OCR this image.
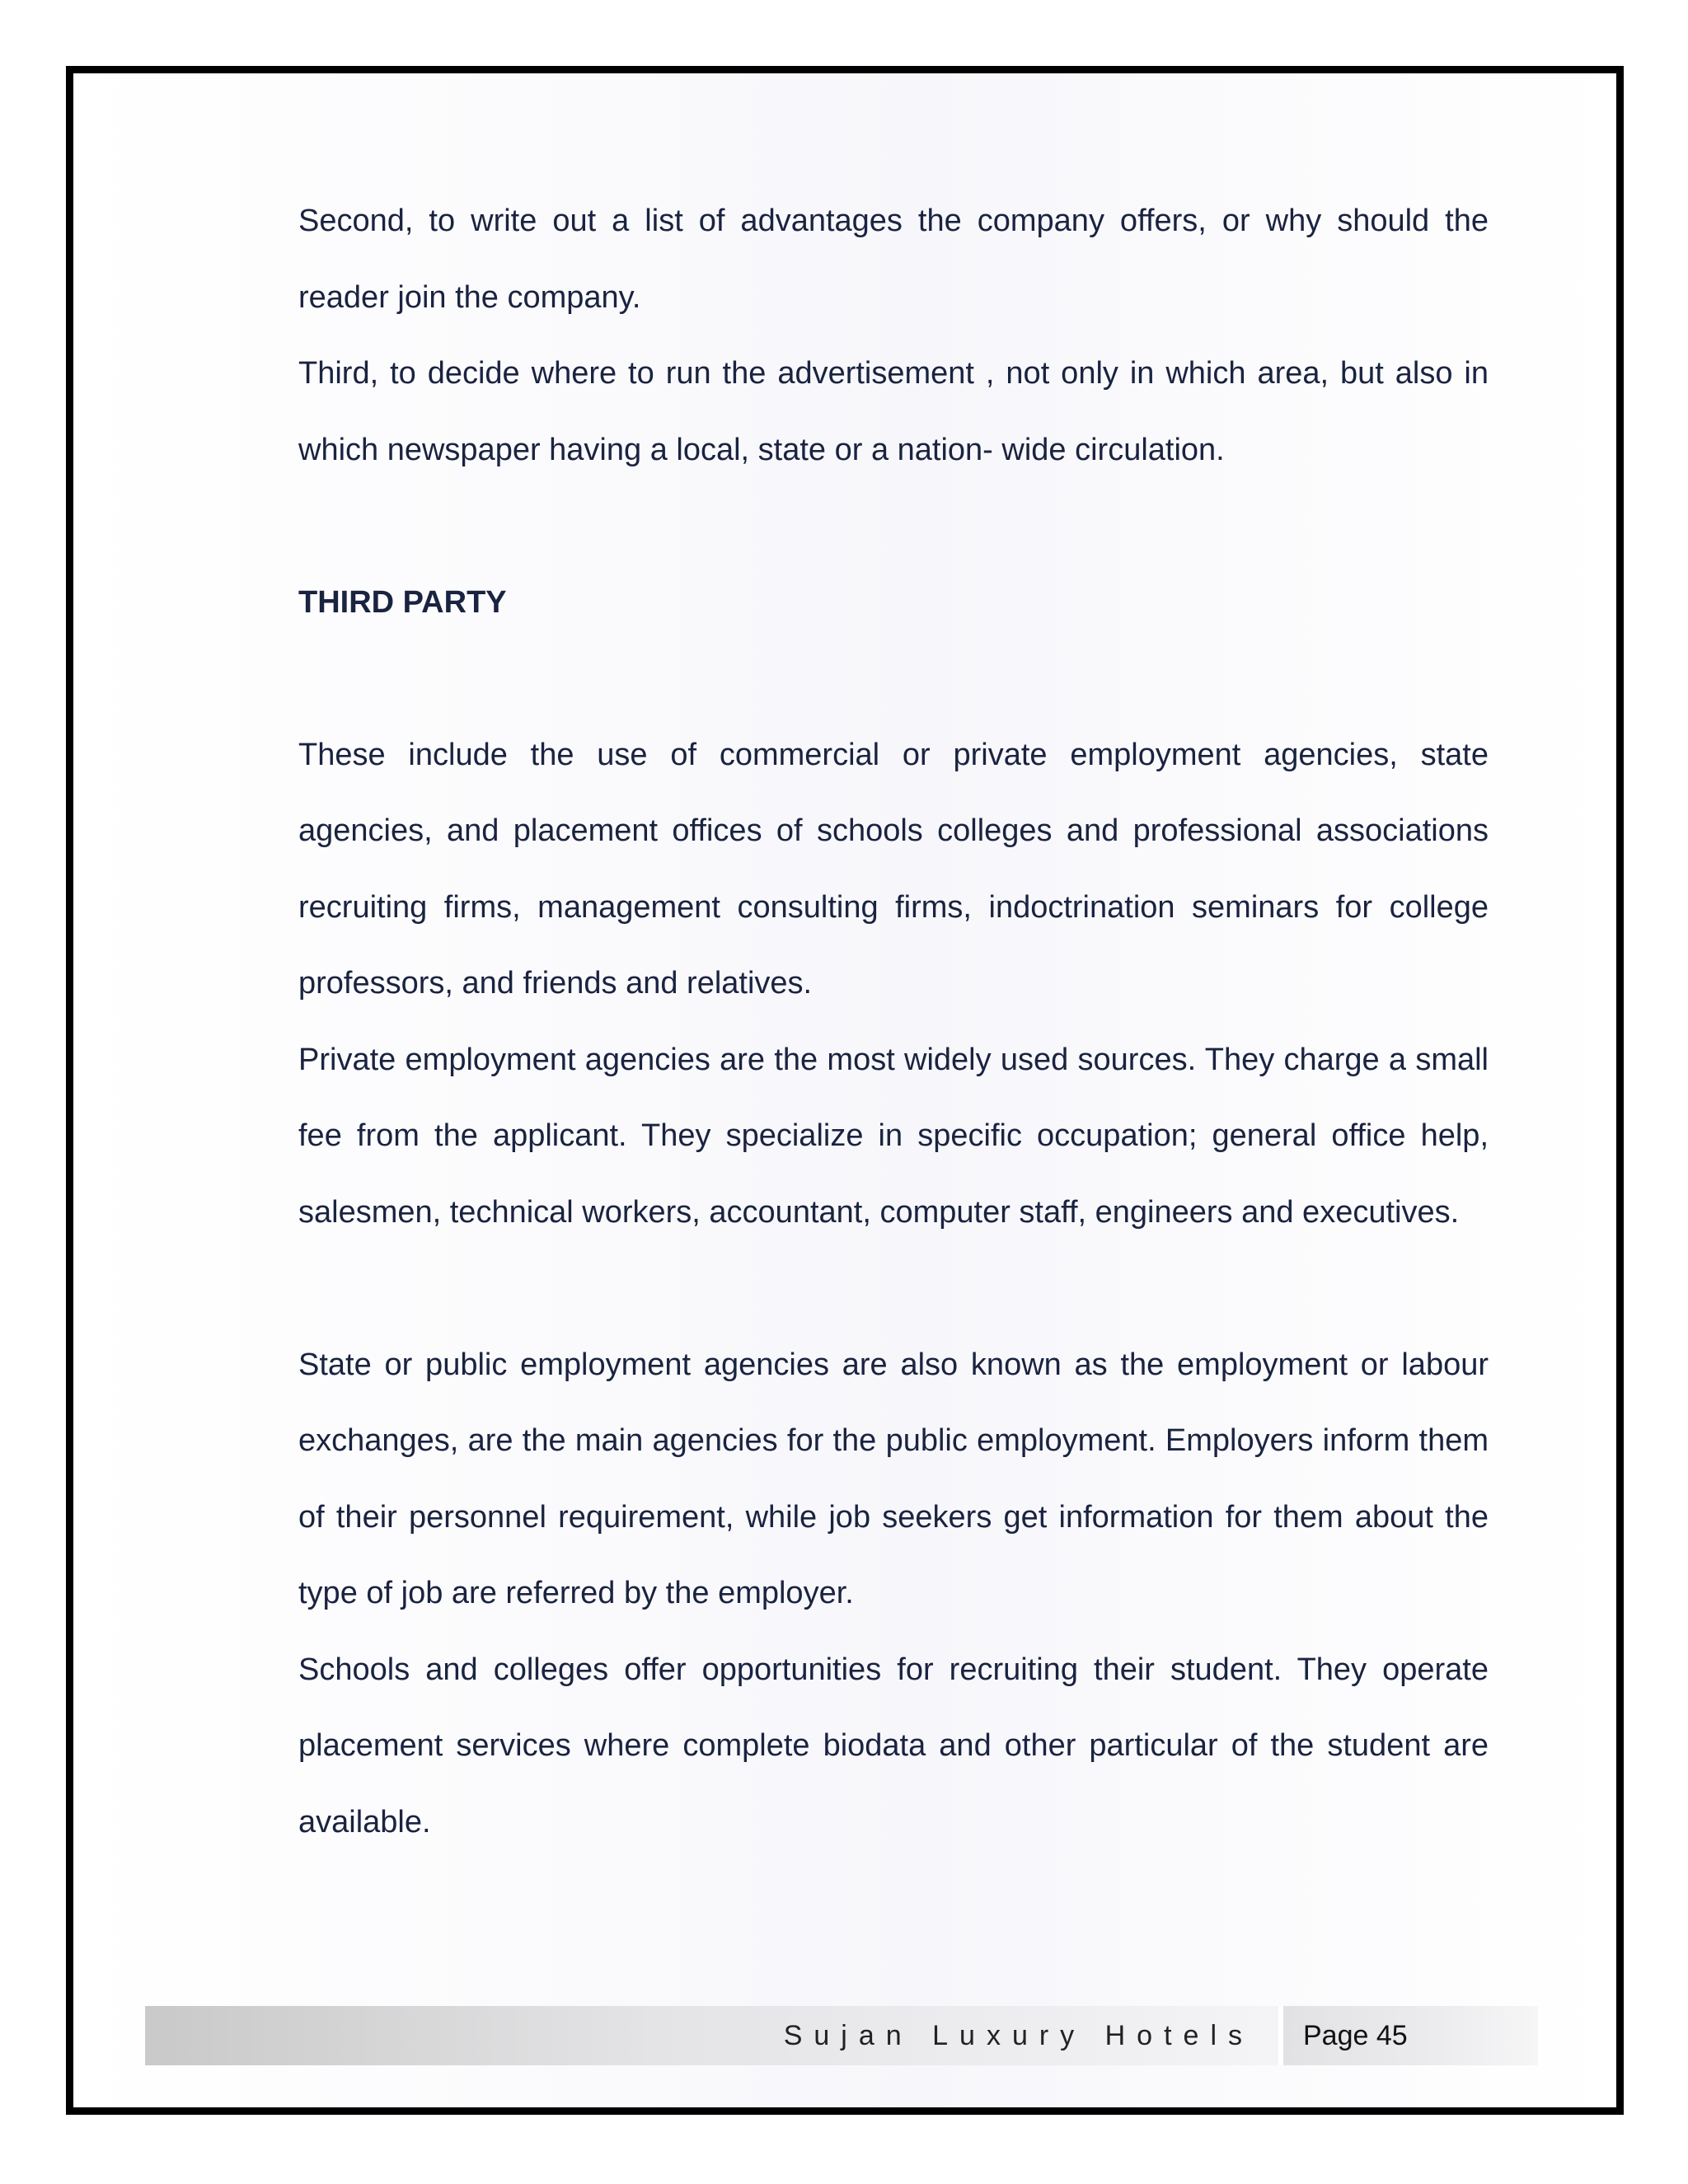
Second, to write out a list of advantages the company offers, or why should the reader join the company.

Third, to decide where to run the advertisement , not only in which area, but also in which newspaper having a local, state or a nation- wide circulation.

THIRD PARTY

These include the use of commercial or private employment agencies, state agencies, and placement offices of schools colleges and professional associations recruiting firms, management consulting firms, indoctrination seminars for college professors, and friends and relatives.

Private employment agencies are the most widely used sources. They charge a small fee from the applicant. They specialize in specific occupation; general office help, salesmen, technical workers, accountant, computer staff, engineers and executives.

State or public employment agencies are also known as the employment or labour exchanges, are the main agencies for the public employment. Employers inform them of their personnel requirement, while job seekers get information for them about the type of job are referred by the employer.

Schools and colleges offer opportunities for recruiting their student. They operate placement services where complete biodata and other particular of the student are available.

Sujan Luxury Hotels Page 45
